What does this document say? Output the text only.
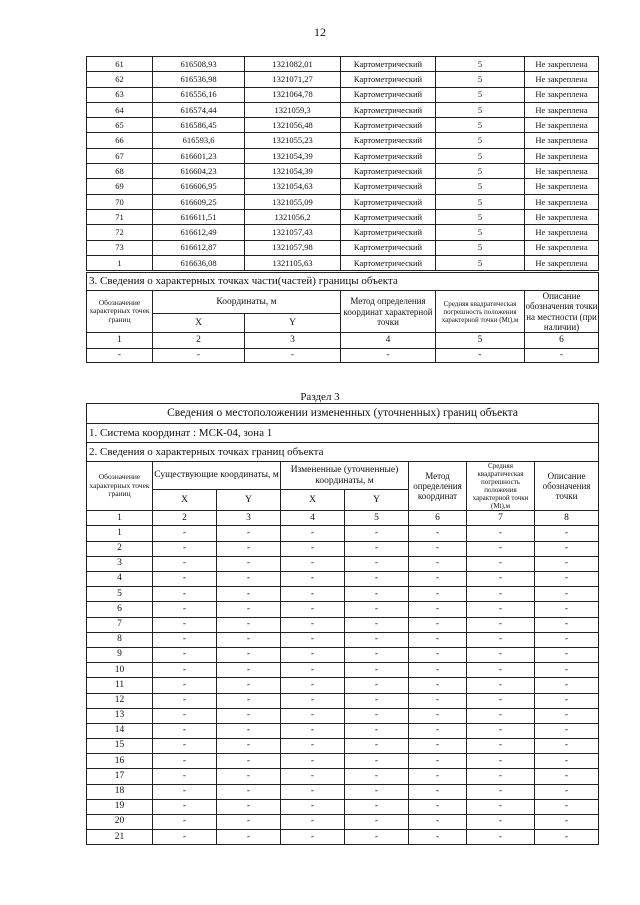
12
61	616508,93	1321082,01	Картометрический	5	Не закреплена
62	616536,98	1321071,27	Картометрический	5	Не закреплена
63	616556,16	1321064,78	Картометрический	5	Не закреплена
64	616574,44	1321059,3	Картометрический	5	Не закреплена
65	616586,45	1321056,48	Картометрический	5	Не закреплена
66	616593,6	1321055,23	Картометрический	5	Не закреплена
67	616601,23	1321054,39	Картометрический	5	Не закреплена
68	616604,23	1321054,39	Картометрический	5	Не закреплена
69	616606,95	1321054,63	Картометрический	5	Не закреплена
70	616609,25	1321055,09	Картометрический	5	Не закреплена
71	616611,51	1321056,2	Картометрический	5	Не закреплена
72	616612,49	1321057,43	Картометрический	5	Не закреплена
73	616612,87	1321057,98	Картометрический	5	Не закреплена
1	616636,08	1321105,63	Картометрический	5	Не закреплена
3. Сведения о характерных точках части(частей) границы объекта					
Обозначение характерных точек границ	Координаты, м		Метод определения координат характерной точки	Средняя квадратическая погрешность положения характерной точки (Mt),м	Описание обозначения точки на местности (при наличии)
	X	Y			
1	2	3	4	5	6
-	-	-	-	-	-
Раздел 3
Сведения о местоположении измененных (уточненных) границ объекта							
1. Система координат : МСК-04, зона 1							
2. Сведения о характерных точках границ объекта							
Обозначение характерных точек границ	Существующие координаты, м		Измененные (уточненные) координаты, м		Метод определения координат	Средняя квадратическая погрешность положения характерной точки (Mt),м	Описание обозначения точки
	X	Y	X	Y			
1	2	3	4	5	6	7	8
1	-	-	-	-	-	-	-
2	-	-	-	-	-	-	-
3	-	-	-	-	-	-	-
4	-	-	-	-	-	-	-
5	-	-	-	-	-	-	-
6	-	-	-	-	-	-	-
7	-	-	-	-	-	-	-
8	-	-	-	-	-	-	-
9	-	-	-	-	-	-	-
10	-	-	-	-	-	-	-
11	-	-	-	-	-	-	-
12	-	-	-	-	-	-	-
13	-	-	-	-	-	-	-
14	-	-	-	-	-	-	-
15	-	-	-	-	-	-	-
16	-	-	-	-	-	-	-
17	-	-	-	-	-	-	-
18	-	-	-	-	-	-	-
19	-	-	-	-	-	-	-
20	-	-	-	-	-	-	-
21	-	-	-	-	-	-	-
